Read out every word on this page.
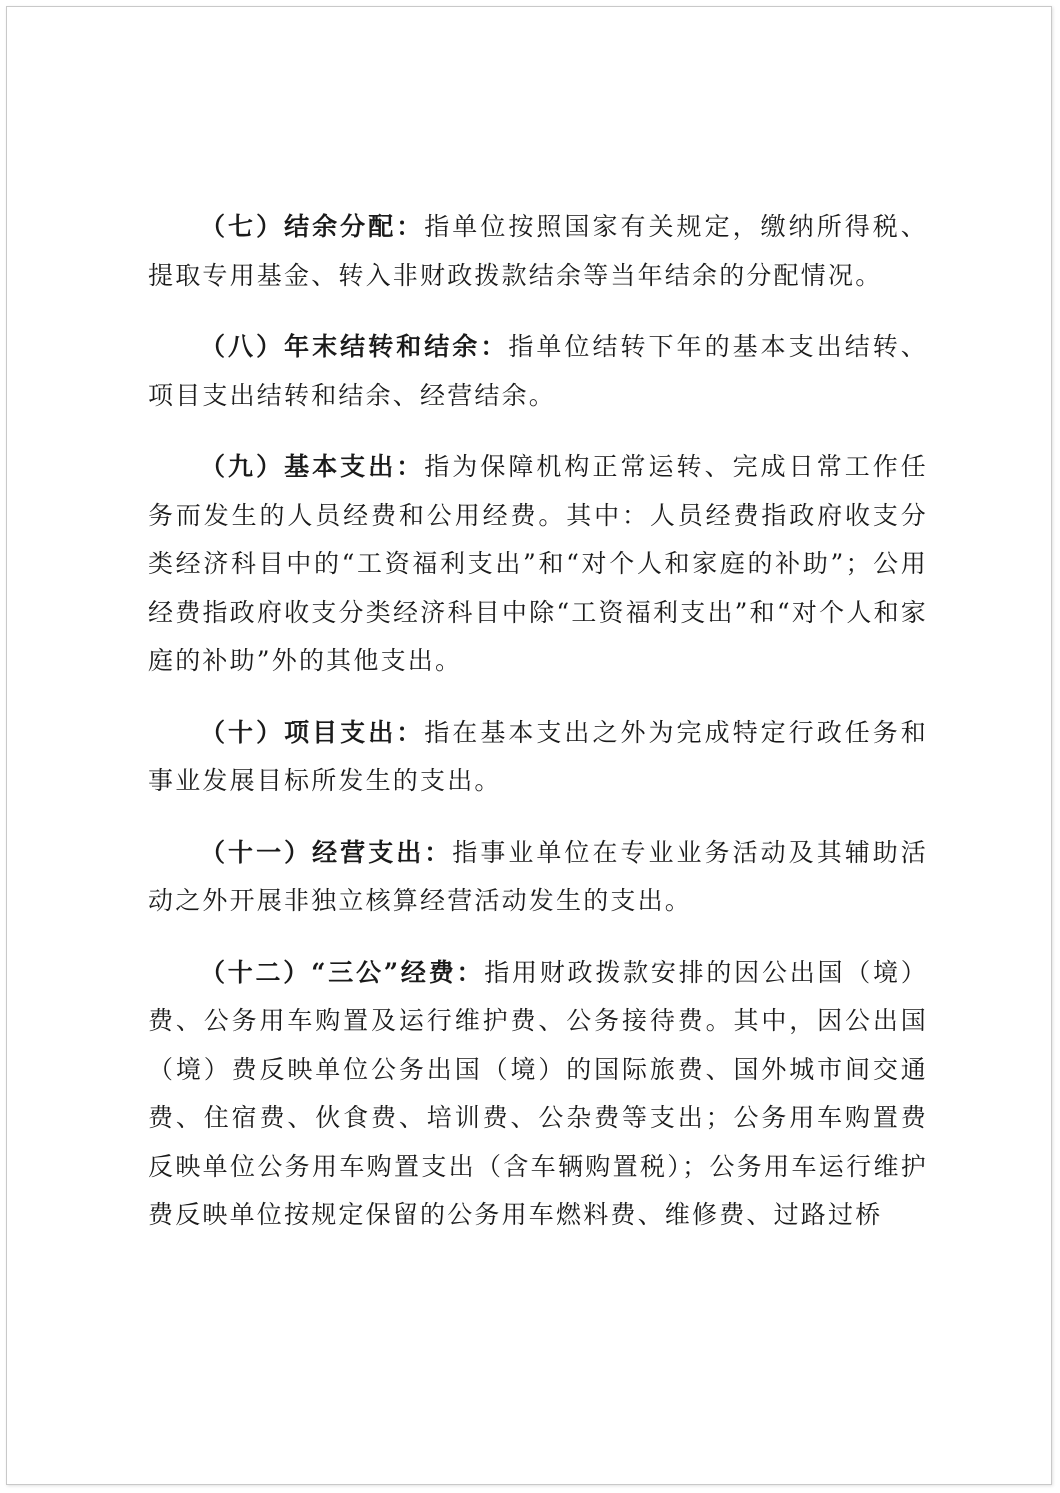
（七）结余分配：指单位按照国家有关规定，缴纳所得税、提取专用基金、转入非财政拨款结余等当年结余的分配情况。

（八）年末结转和结余：指单位结转下年的基本支出结转、项目支出结转和结余、经营结余。

（九）基本支出：指为保障机构正常运转、完成日常工作任务而发生的人员经费和公用经费。其中：人员经费指政府收支分类经济科目中的“工资福利支出”和“对个人和家庭的补助”；公用经费指政府收支分类经济科目中除“工资福利支出”和“对个人和家庭的补助”外的其他支出。

（十）项目支出：指在基本支出之外为完成特定行政任务和事业发展目标所发生的支出。

（十一）经营支出：指事业单位在专业业务活动及其辅助活动之外开展非独立核算经营活动发生的支出。

（十二）“三公”经费：指用财政拨款安排的因公出国（境）费、公务用车购置及运行维护费、公务接待费。其中，因公出国（境）费反映单位公务出国（境）的国际旅费、国外城市间交通费、住宿费、伙食费、培训费、公杂费等支出；公务用车购置费反映单位公务用车购置支出（含车辆购置税）；公务用车运行维护费反映单位按规定保留的公务用车燃料费、维修费、过路过桥
